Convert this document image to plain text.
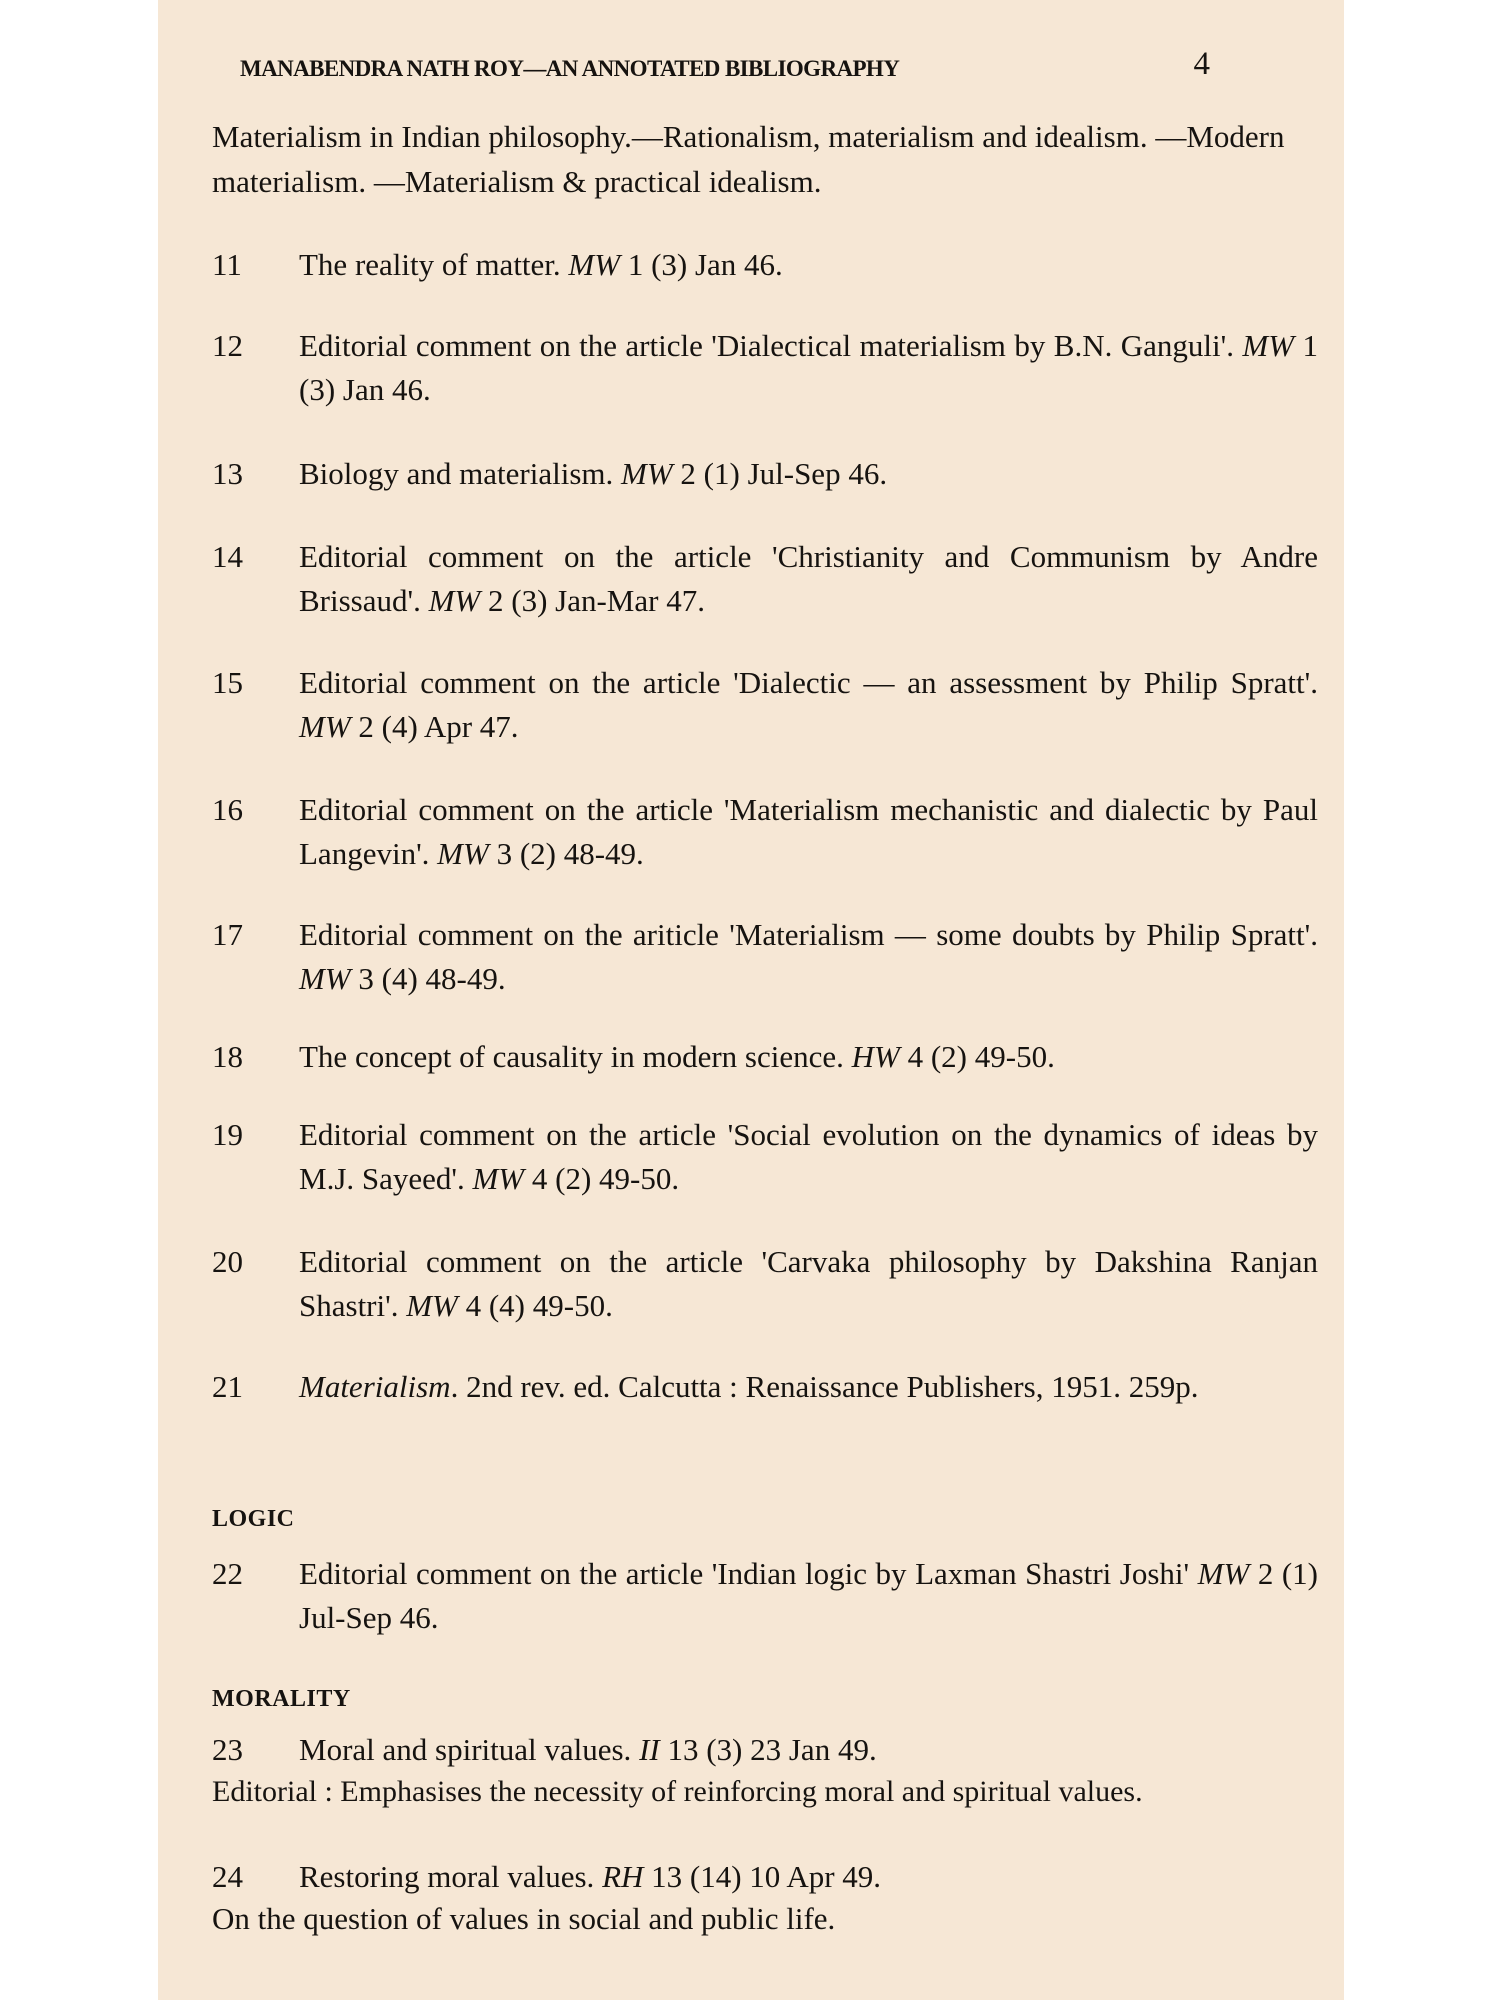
MANABENDRA NATH ROY—AN ANNOTATED BIBLIOGRAPHY	4
Materialism in Indian philosophy.—Rationalism, materialism and idealism. —Modern materialism. —Materialism & practical idealism.
11	The reality of matter. MW 1 (3) Jan 46.
12	Editorial comment on the article 'Dialectical materialism by B.N. Ganguli'. MW 1 (3) Jan 46.
13	Biology and materialism. MW 2 (1) Jul-Sep 46.
14	Editorial comment on the article 'Christianity and Communism by Andre Brissaud'. MW 2 (3) Jan-Mar 47.
15	Editorial comment on the article 'Dialectic — an assessment by Philip Spratt'. MW 2 (4) Apr 47.
16	Editorial comment on the article 'Materialism mechanistic and dialectic by Paul Langevin'. MW 3 (2) 48-49.
17	Editorial comment on the ariticle 'Materialism — some doubts by Philip Spratt'. MW 3 (4) 48-49.
18	The concept of causality in modern science. HW 4 (2) 49-50.
19	Editorial comment on the article 'Social evolution on the dynamics of ideas by M.J. Sayeed'. MW 4 (2) 49-50.
20	Editorial comment on the article 'Carvaka philosophy by Dakshina Ranjan Shastri'. MW 4 (4) 49-50.
21	Materialism. 2nd rev. ed. Calcutta : Renaissance Publishers, 1951. 259p.
LOGIC
22	Editorial comment on the article 'Indian logic by Laxman Shastri Joshi' MW 2 (1) Jul-Sep 46.
MORALITY
23	Moral and spiritual values. II 13 (3) 23 Jan 49.
Editorial : Emphasises the necessity of reinforcing moral and spiritual values.
24	Restoring moral values. RH 13 (14) 10 Apr 49.
On the question of values in social and public life.
